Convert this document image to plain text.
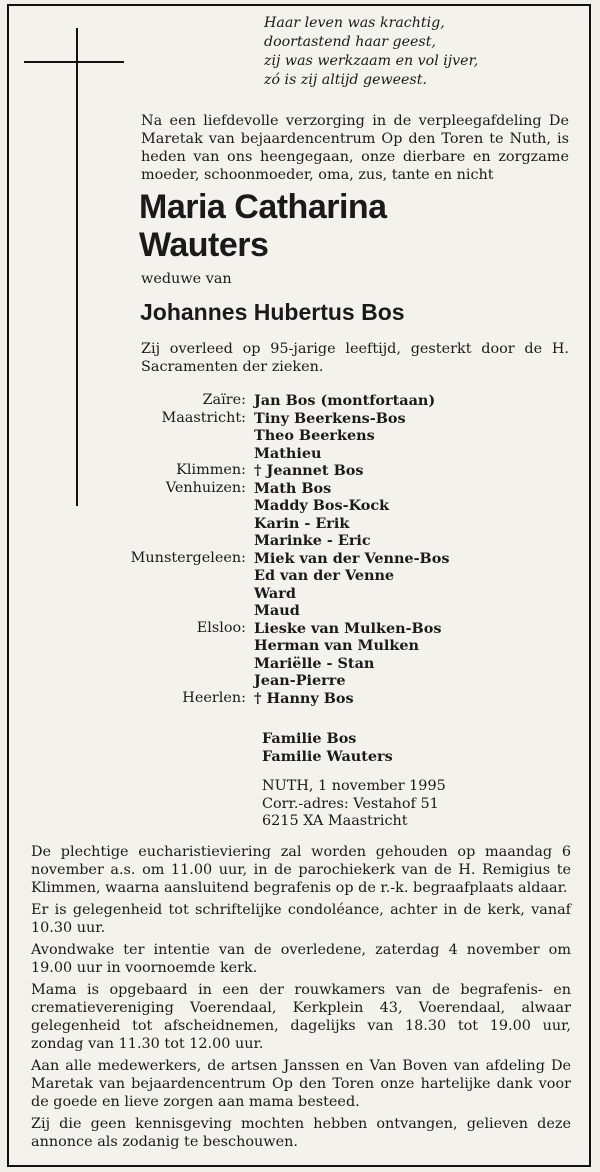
Haar leven was krachtig,
doortastend haar geest,
zij was werkzaam en vol ijver,
zó is zij altijd geweest.
Na een liefdevolle verzorging in de verpleegafdeling De Maretak van bejaardencentrum Op den Toren te Nuth, is heden van ons heengegaan, onze dierbare en zorgzame moeder, schoonmoeder, oma, zus, tante en nicht
Maria Catharina
Wauters
weduwe van
Johannes Hubertus Bos
Zij overleed op 95-jarige leeftijd, gesterkt door de H. Sacramenten der zieken.
Zaïre: Jan Bos (montfortaan)
Maastricht: Tiny Beerkens-Bos
Theo Beerkens
Mathieu
Klimmen: † Jeannet Bos
Venhuizen: Math Bos
Maddy Bos-Kock
Karin - Erik
Marinke - Eric
Munstergeleen: Miek van der Venne-Bos
Ed van der Venne
Ward
Maud
Elsloo: Lieske van Mulken-Bos
Herman van Mulken
Mariëlle - Stan
Jean-Pierre
Heerlen: † Hanny Bos
Familie Bos
Familie Wauters
NUTH, 1 november 1995
Corr.-adres: Vestahof 51
6215 XA Maastricht

De plechtige eucharistieviering zal worden gehouden op maandag 6 november a.s. om 11.00 uur, in de parochiekerk van de H. Remigius te Klimmen, waarna aansluitend begrafenis op de r.-k. begraafplaats aldaar.

Er is gelegenheid tot schriftelijke condoléance, achter in de kerk, vanaf 10.30 uur.

Avondwake ter intentie van de overledene, zaterdag 4 november om 19.00 uur in voornoemde kerk.

Mama is opgebaard in een der rouwkamers van de begrafenis- en crematievereniging Voerendaal, Kerkplein 43, Voerendaal, alwaar gelegenheid tot afscheidnemen, dagelijks van 18.30 tot 19.00 uur, zondag van 11.30 tot 12.00 uur.

Aan alle medewerkers, de artsen Janssen en Van Boven van afdeling De Maretak van bejaardencentrum Op den Toren onze hartelijke dank voor de goede en lieve zorgen aan mama besteed.

Zij die geen kennisgeving mochten hebben ontvangen, gelieven deze annonce als zodanig te beschouwen.
